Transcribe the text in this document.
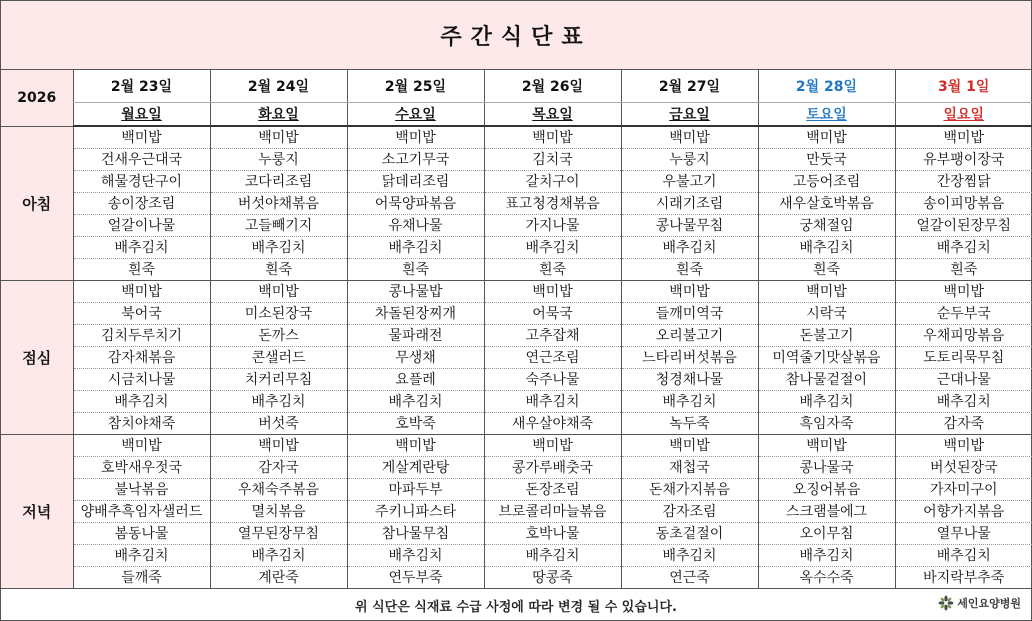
주간식단표
2026	2월 23일	2월 24일	2월 25일	2월 26일	2월 27일	2월 28일	3월 1일
	월요일	화요일	수요일	목요일	금요일	토요일	일요일
아침	백미밥	백미밥	백미밥	백미밥	백미밥	백미밥	백미밥
	건새우근대국	누룽지	소고기무국	김치국	누룽지	만둣국	유부팽이장국
	해물경단구이	코다리조림	닭데리조림	갈치구이	우불고기	고등어조림	간장찜닭
	송이장조림	버섯야채볶음	어묵양파볶음	표고청경채볶음	시래기조림	새우살호박볶음	송이피망볶음
	얼갈이나물	고들빼기지	유채나물	가지나물	콩나물무침	궁채절임	얼갈이된장무침
	배추김치	배추김치	배추김치	배추김치	배추김치	배추김치	배추김치
	흰죽	흰죽	흰죽	흰죽	흰죽	흰죽	흰죽
점심	백미밥	백미밥	콩나물밥	백미밥	백미밥	백미밥	백미밥
	북어국	미소된장국	차돌된장찌개	어묵국	들깨미역국	시락국	순두부국
	김치두루치기	돈까스	물파래전	고추잡채	오리불고기	돈불고기	우채피망볶음
	감자채볶음	콘샐러드	무생채	연근조림	느타리버섯볶음	미역줄기맛살볶음	도토리묵무침
	시금치나물	치커리무침	요플레	숙주나물	청경채나물	참나물겉절이	근대나물
	배추김치	배추김치	배추김치	배추김치	배추김치	배추김치	배추김치
	참치야채죽	버섯죽	호박죽	새우살야채죽	녹두죽	흑임자죽	감자죽
저녁	백미밥	백미밥	백미밥	백미밥	백미밥	백미밥	백미밥
	호박새우젓국	감자국	게살계란탕	콩가루배춧국	재첩국	콩나물국	버섯된장국
	불낙볶음	우채숙주볶음	마파두부	돈장조림	돈채가지볶음	오징어볶음	가자미구이
	양배추흑임자샐러드	멸치볶음	주키니파스타	브로콜리마늘볶음	감자조림	스크램블에그	어향가지볶음
	봄동나물	열무된장무침	참나물무침	호박나물	동초겉절이	오이무침	열무나물
	배추김치	배추김치	배추김치	배추김치	배추김치	배추김치	배추김치
	들깨죽	계란죽	연두부죽	땅콩죽	연근죽	옥수수죽	바지락부추죽
위 식단은 식재료 수급 사정에 따라 변경 될 수 있습니다.	세인요양병원
